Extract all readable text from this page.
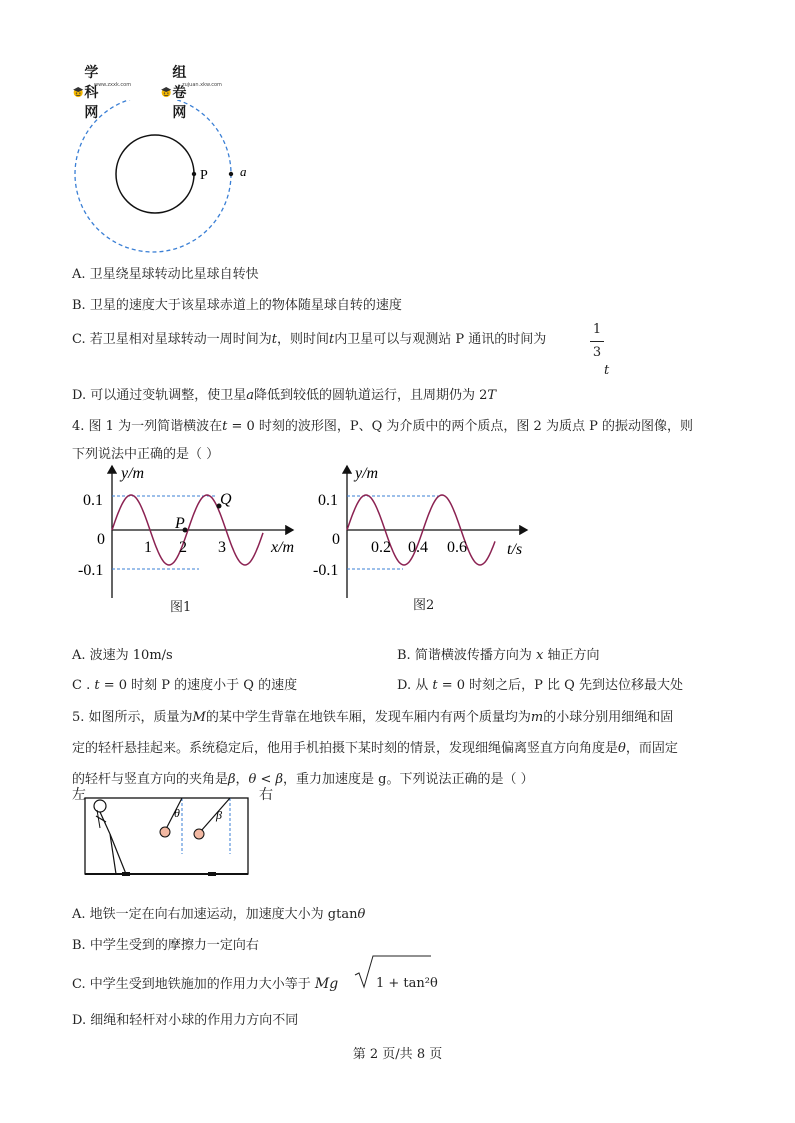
学科网
www.zxxk.com
组卷网
zujuan.xkw.com
P a
A. 卫星绕星球转动比星球自转快
B. 卫星的速度大于该星球赤道上的物体随星球自转的速度
C. 若卫星相对星球转动一周时间为t，则时间t内卫星可以与观测站 P 通讯的时间为
1
3
t
D. 可以通过变轨调整，使卫星a降低到较低的圆轨道运行，且周期仍为 2T
4. 图 1 为一列简谐横波在t = 0 时刻的波形图，P、Q 为介质中的两个质点，图 2 为质点 P 的振动图像，则
下列说法中正确的是（ ）
0.1
-0.1
0 1 2 3
P
Q
y/m
x/m
图1
0.1
-0.1
0 0.2 0.4 0.6
y/m
t/s
图2
A. 波速为 10m/s	B. 简谐横波传播方向为 x 轴正方向
C . t = 0 时刻 P 的速度小于 Q 的速度	D. 从 t = 0 时刻之后，P 比 Q 先到达位移最大处
5. 如图所示，质量为M的某中学生背靠在地铁车厢，发现车厢内有两个质量均为m的小球分别用细绳和固
定的轻杆悬挂起来。系统稳定后，他用手机拍摄下某时刻的情景，发现细绳偏离竖直方向角度是θ，而固定
的轻杆与竖直方向的夹角是β，θ < β，重力加速度是 g。下列说法正确的是（ ）
θ	β
左	右
A. 地铁一定在向右加速运动，加速度大小为 gtanθ
B. 中学生受到的摩擦力一定向右
C. 中学生受到地铁施加的作用力大小等于 Mg	1 + tan²θ
D. 细绳和轻杆对小球的作用力方向不同
第 2 页/共 8 页
